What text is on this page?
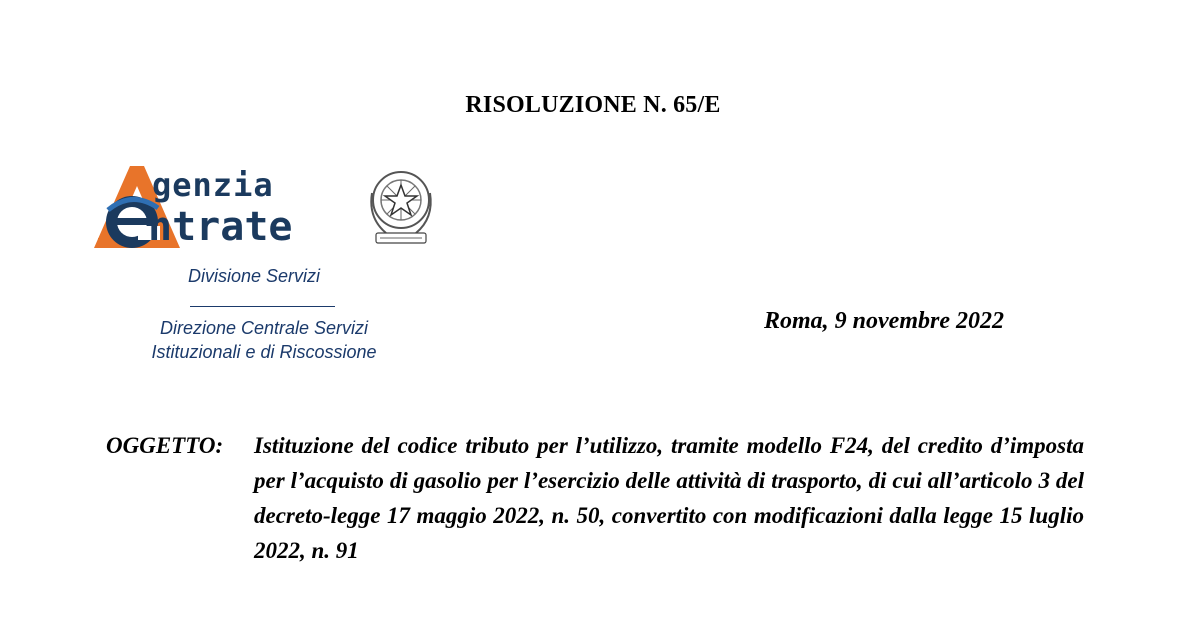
RISOLUZIONE N. 65/E
genzia
ntrate
Divisione Servizi
Direzione Centrale Servizi
Istituzionali e di Riscossione
Roma, 9 novembre 2022
OGGETTO: Istituzione del codice tributo per l’utilizzo, tramite modello F24, del credito d’imposta per l’acquisto di gasolio per l’esercizio delle attività di trasporto, di cui all’articolo 3 del decreto-legge 17 maggio 2022, n. 50, convertito con modificazioni dalla legge 15 luglio 2022, n. 91
